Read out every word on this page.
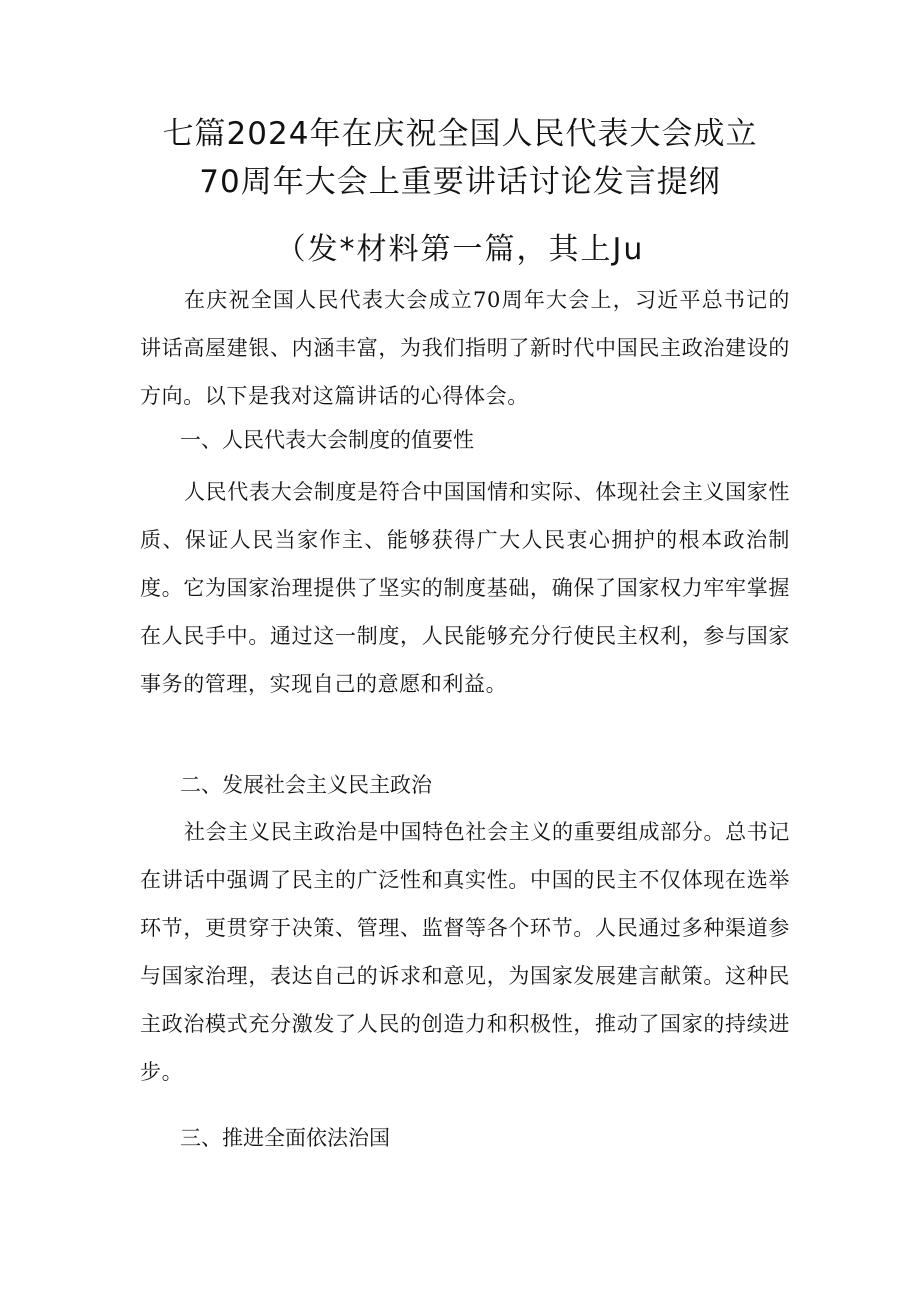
七篇2024年在庆祝全国人民代表大会成立
70周年大会上重要讲话讨论发言提纲
（发*材料第一篇，其上Ju

在庆祝全国人民代表大会成立70周年大会上，习近平总书记的讲话高屋建银、内涵丰富，为我们指明了新时代中国民主政治建设的方向。以下是我对这篇讲话的心得体会。

一、人民代表大会制度的值要性

人民代表大会制度是符合中国国情和实际、体现社会主义国家性质、保证人民当家作主、能够获得广大人民衷心拥护的根本政治制度。它为国家治理提供了坚实的制度基础，确保了国家权力牢牢掌握在人民手中。通过这一制度，人民能够充分行使民主权利，参与国家事务的管理，实现自己的意愿和利益。

二、发展社会主义民主政治

社会主义民主政治是中国特色社会主义的重要组成部分。总书记在讲话中强调了民主的广泛性和真实性。中国的民主不仅体现在选举环节，更贯穿于决策、管理、监督等各个环节。人民通过多种渠道参与国家治理，表达自己的诉求和意见，为国家发展建言献策。这种民主政治模式充分激发了人民的创造力和积极性，推动了国家的持续进步。

三、推进全面依法治国
